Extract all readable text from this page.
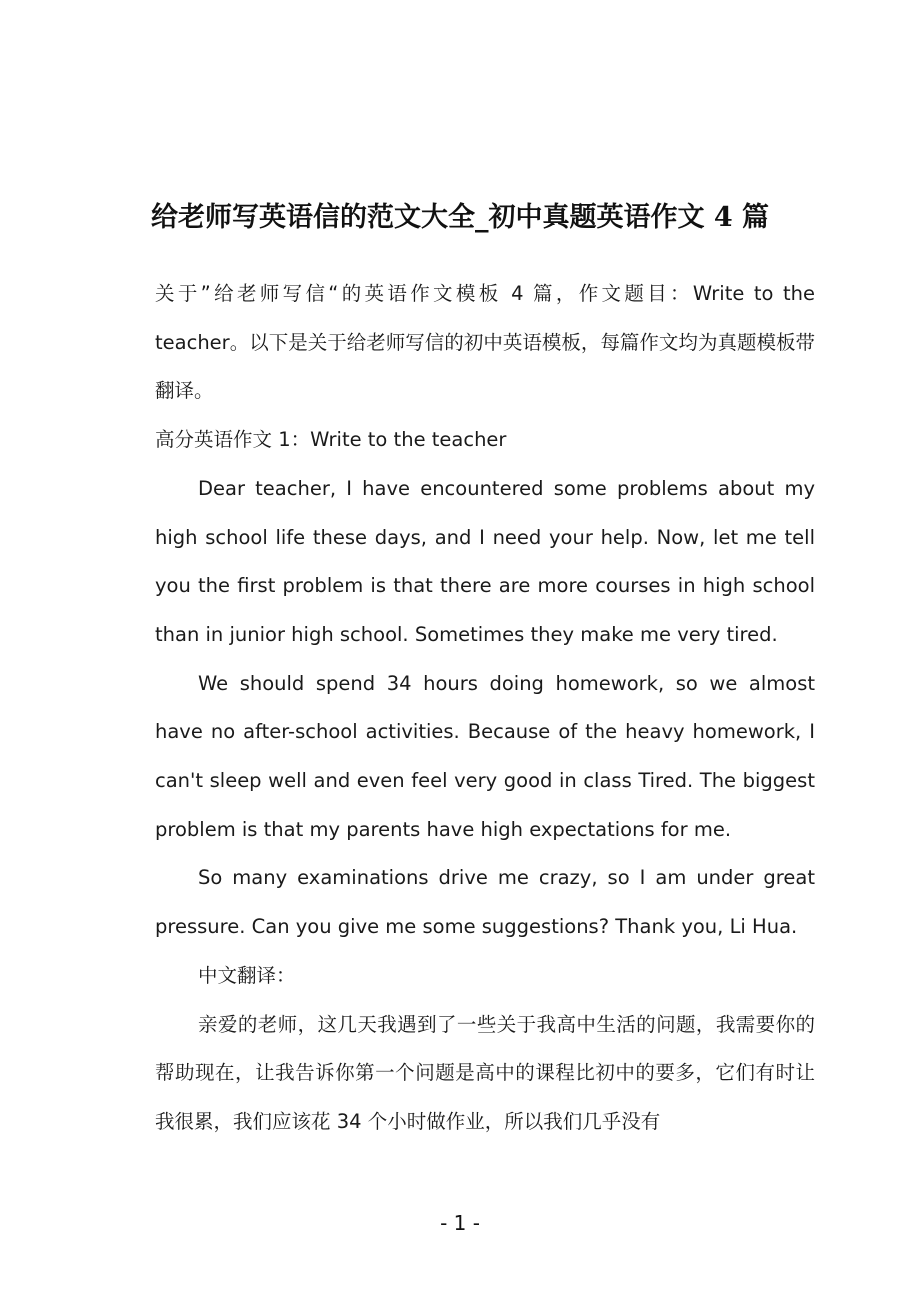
给老师写英语信的范文大全_初中真题英语作文 4 篇

关于”给老师写信“的英语作文模板 4 篇，作文题目：Write to the teacher。以下是关于给老师写信的初中英语模板，每篇作文均为真题模板带翻译。

高分英语作文 1：Write to the teacher

Dear teacher, I have encountered some problems about my high school life these days, and I need your help. Now, let me tell you the first problem is that there are more courses in high school than in junior high school. Sometimes they make me very tired.

We should spend 34 hours doing homework, so we almost have no after-school activities. Because of the heavy homework, I can't sleep well and even feel very good in class Tired. The biggest problem is that my parents have high expectations for me.

So many examinations drive me crazy, so I am under great pressure. Can you give me some suggestions? Thank you, Li Hua.

中文翻译：

亲爱的老师，这几天我遇到了一些关于我高中生活的问题，我需要你的帮助现在，让我告诉你第一个问题是高中的课程比初中的要多，它们有时让我很累，我们应该花 34 个小时做作业，所以我们几乎没有

- 1 -
